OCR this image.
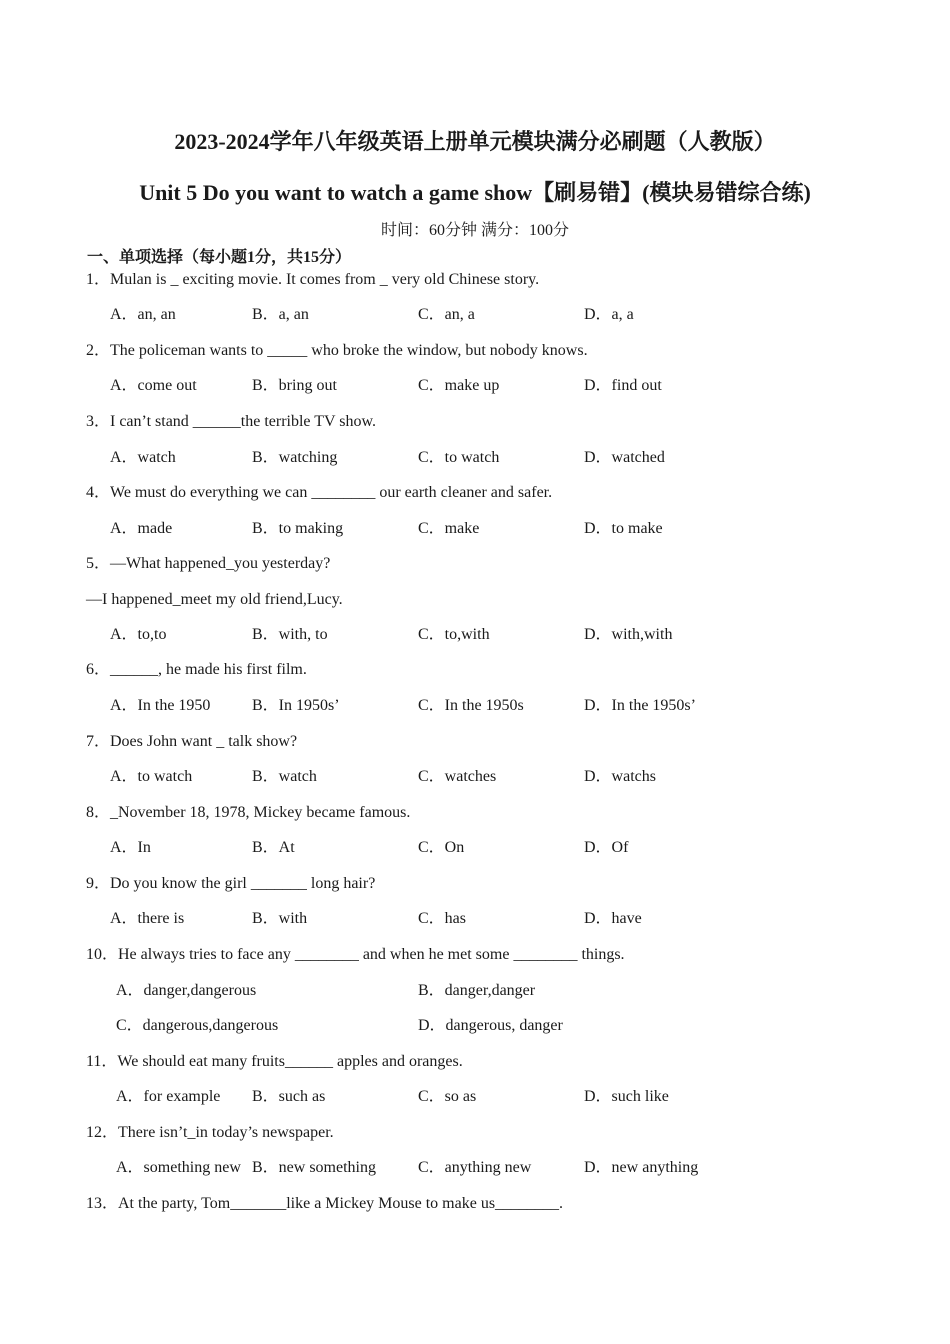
2023-2024学年八年级英语上册单元模块满分必刷题（人教版）
Unit 5 Do you want to watch a game show【刷易错】(模块易错综合练)
时间：60分钟 满分：100分
一、单项选择（每小题1分，共15分）
1．Mulan is _ exciting movie. It comes from _ very old Chinese story.
A．an, an	B．a, an	C．an, a	D．a, a
2．The policeman wants to _____ who broke the window, but nobody knows.
A．come out	B．bring out	C．make up	D．find out
3．I can’t stand ______the terrible TV show.
A．watch	B．watching	C．to watch	D．watched
4．We must do everything we can ________ our earth cleaner and safer.
A．made	B．to making	C．make	D．to make
5．—What happened_you yesterday?
—I happened_meet my old friend,Lucy.
A．to,to	B．with, to	C．to,with	D．with,with
6．______, he made his first film.
A．In the 1950	B．In 1950s’	C．In the 1950s	D．In the 1950s’
7．Does John want _ talk show?
A．to watch	B．watch	C．watches	D．watchs
8．_November 18, 1978, Mickey became famous.
A．In	B．At	C．On	D．Of
9．Do you know the girl _______ long hair?
A．there is	B．with	C．has	D．have
10．He always tries to face any ________ and when he met some ________ things.
A．danger,dangerous	B．danger,danger
C．dangerous,dangerous	D．dangerous, danger
11．We should eat many fruits______ apples and oranges.
A．for example B．such as	C．so as	D．such like
12．There isn’t_in today’s newspaper.
A．something new B．new something	C．anything new	D．new anything
13．At the party, Tom_______like a Mickey Mouse to make us________.
